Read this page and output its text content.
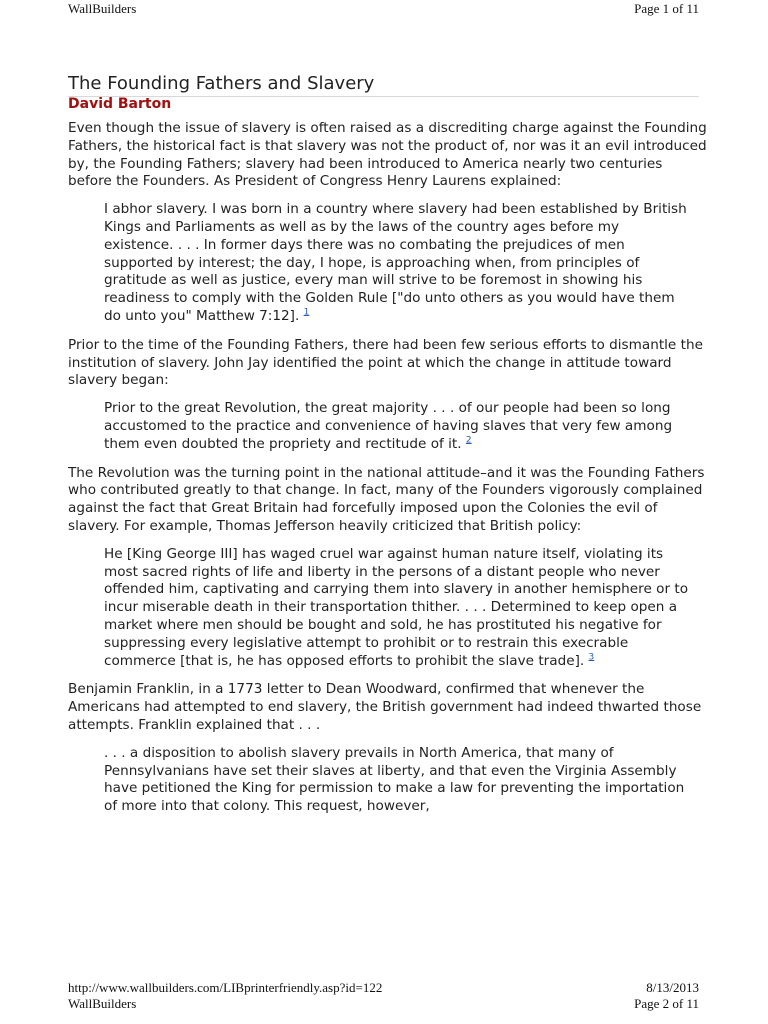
WallBuilders	Page 1 of 11
The Founding Fathers and Slavery
David Barton

Even though the issue of slavery is often raised as a discrediting charge against the Founding Fathers, the historical fact is that slavery was not the product of, nor was it an evil introduced by, the Founding Fathers; slavery had been introduced to America nearly two centuries before the Founders. As President of Congress Henry Laurens explained:

I abhor slavery. I was born in a country where slavery had been established by British Kings and Parliaments as well as by the laws of the country ages before my existence. . . . In former days there was no combating the prejudices of men supported by interest; the day, I hope, is approaching when, from principles of gratitude as well as justice, every man will strive to be foremost in showing his readiness to comply with the Golden Rule ["do unto others as you would have them do unto you" Matthew 7:12]. $^1$

Prior to the time of the Founding Fathers, there had been few serious efforts to dismantle the institution of slavery. John Jay identified the point at which the change in attitude toward slavery began:

Prior to the great Revolution, the great majority . . . of our people had been so long accustomed to the practice and convenience of having slaves that very few among them even doubted the propriety and rectitude of it. $^2$

The Revolution was the turning point in the national attitude–and it was the Founding Fathers who contributed greatly to that change. In fact, many of the Founders vigorously complained against the fact that Great Britain had forcefully imposed upon the Colonies the evil of slavery. For example, Thomas Jefferson heavily criticized that British policy:

He [King George III] has waged cruel war against human nature itself, violating its most sacred rights of life and liberty in the persons of a distant people who never offended him, captivating and carrying them into slavery in another hemisphere or to incur miserable death in their transportation thither. . . . Determined to keep open a market where men should be bought and sold, he has prostituted his negative for suppressing every legislative attempt to prohibit or to restrain this execrable commerce [that is, he has opposed efforts to prohibit the slave trade]. $^3$

Benjamin Franklin, in a 1773 letter to Dean Woodward, confirmed that whenever the Americans had attempted to end slavery, the British government had indeed thwarted those attempts. Franklin explained that . . .

. . . a disposition to abolish slavery prevails in North America, that many of Pennsylvanians have set their slaves at liberty, and that even the Virginia Assembly have petitioned the King for permission to make a law for preventing the importation of more into that colony. This request, however,

http://www.wallbuilders.com/LIBprinterfriendly.asp?id=122	8/13/2013
WallBuilders	Page 2 of 11
